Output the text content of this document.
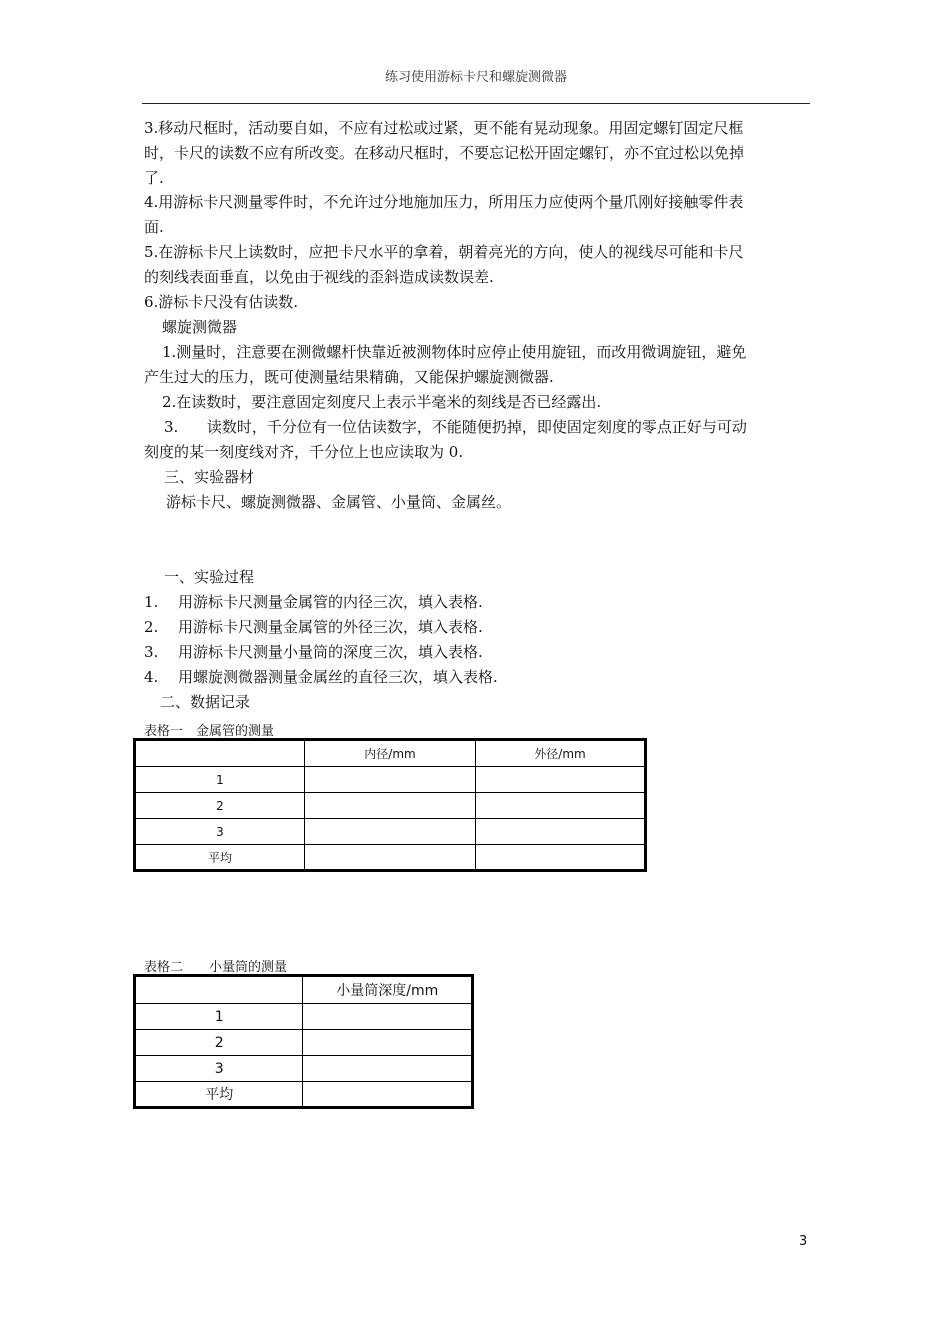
练习使用游标卡尺和螺旋测微器
3.移动尺框时，活动要自如，不应有过松或过紧，更不能有晃动现象。用固定螺钉固定尺框
时，卡尺的读数不应有所改变。在移动尺框时，不要忘记松开固定螺钉，亦不宜过松以免掉
了.
4.用游标卡尺测量零件时，不允许过分地施加压力，所用压力应使两个量爪刚好接触零件表
面.
5.在游标卡尺上读数时，应把卡尺水平的拿着，朝着亮光的方向，使人的视线尽可能和卡尺
的刻线表面垂直，以免由于视线的歪斜造成读数误差.
6.游标卡尺没有估读数.
螺旋测微器
1.测量时，注意要在测微螺杆快靠近被测物体时应停止使用旋钮，而改用微调旋钮，避免
产生过大的压力，既可使测量结果精确，又能保护螺旋测微器.
2.在读数时，要注意固定刻度尺上表示半毫米的刻线是否已经露出.
3.      读数时，千分位有一位估读数字，不能随便扔掉，即使固定刻度的零点正好与可动
刻度的某一刻度线对齐，千分位上也应读取为 0.
三、实验器材
游标卡尺、螺旋测微器、金属管、小量筒、金属丝。
一、实验过程
1. 用游标卡尺测量金属管的内径三次，填入表格.
2. 用游标卡尺测量金属管的外径三次，填入表格.
3. 用游标卡尺测量小量筒的深度三次，填入表格.
4. 用螺旋测微器测量金属丝的直径三次，填入表格.
二、数据记录
表格一　金属管的测量
	内径/mm	外径/mm
1		
2		
3		
平均		
表格二　　小量筒的测量
	小量筒深度/mm
1	
2	
3	
平均	
3
